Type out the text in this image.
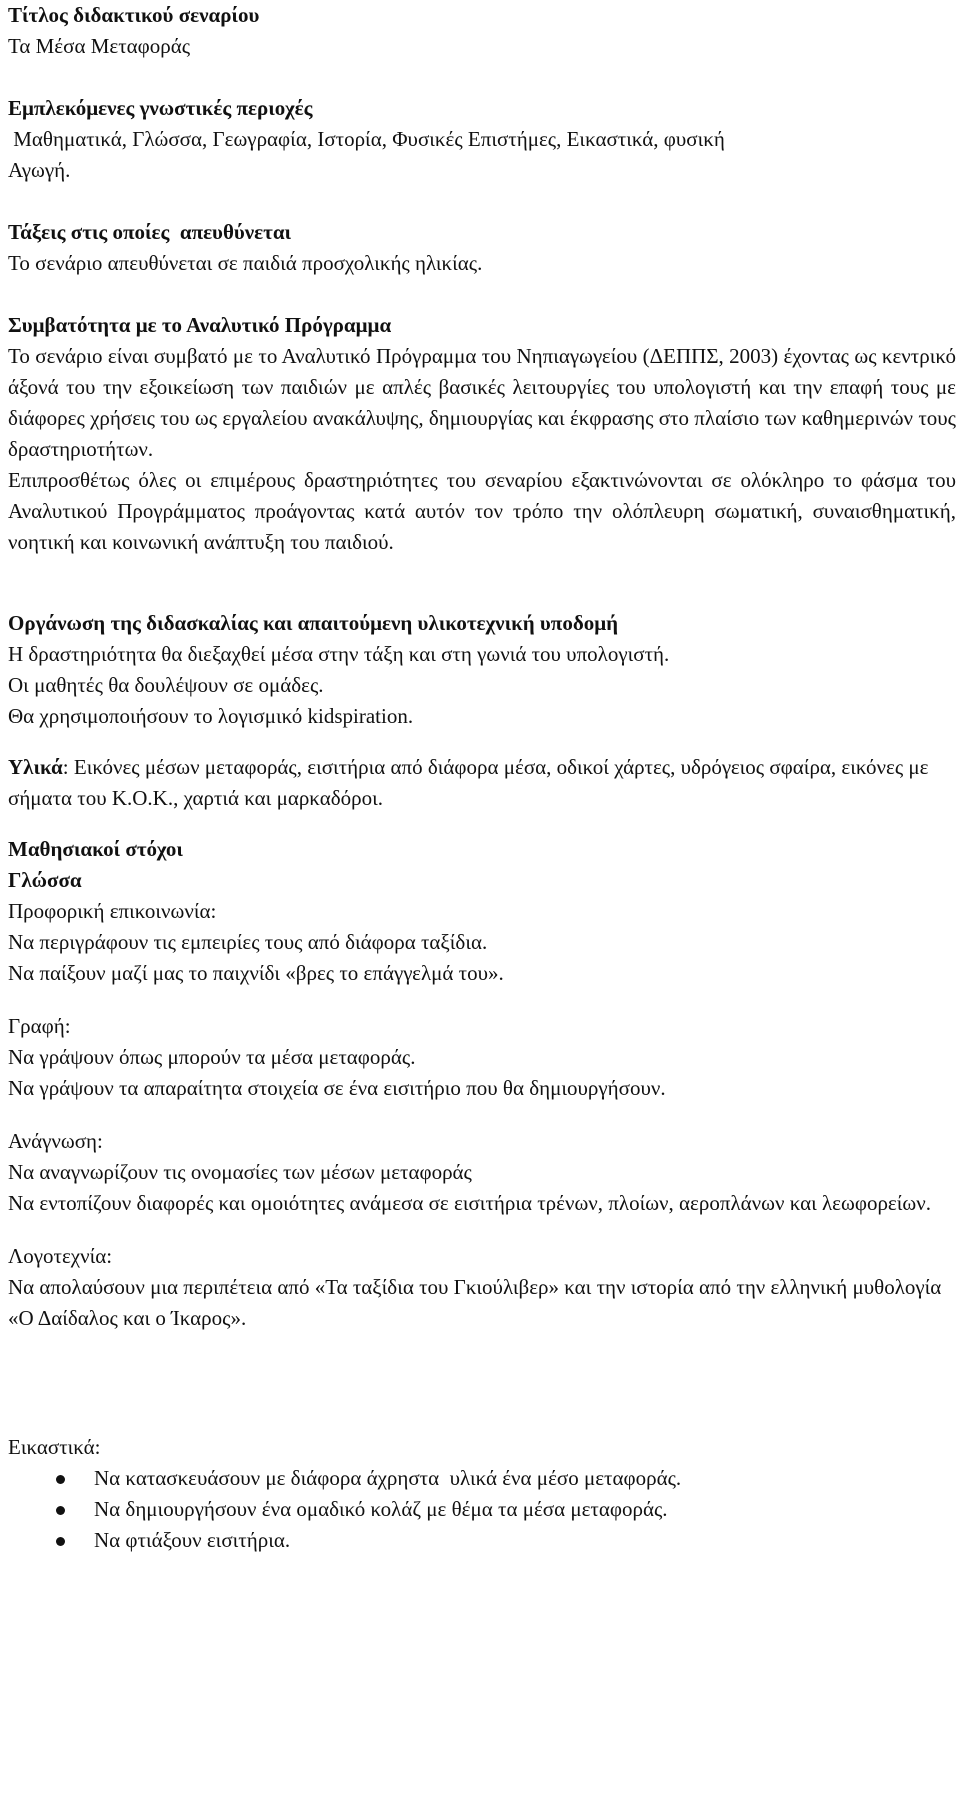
Τίτλος διδακτικού σεναρίου

Τα Μέσα Μεταφοράς

Εμπλεκόμενες γνωστικές περιοχές

Μαθηματικά, Γλώσσα, Γεωγραφία, Ιστορία, Φυσικές Επιστήμες, Εικαστικά, φυσική

Αγωγή.

Τάξεις στις οποίες  απευθύνεται

Το σενάριο απευθύνεται σε παιδιά προσχολικής ηλικίας.

Συμβατότητα με το Αναλυτικό Πρόγραμμα

Το σενάριο είναι συμβατό με το Αναλυτικό Πρόγραμμα του Νηπιαγωγείου (ΔΕΠΠΣ, 2003) έχοντας ως κεντρικό άξονά του την εξοικείωση των παιδιών με απλές βασικές λειτουργίες του υπολογιστή και την επαφή τους με διάφορες χρήσεις του ως εργαλείου ανακάλυψης, δημιουργίας και έκφρασης στο πλαίσιο των καθημερινών τους δραστηριοτήτων.

Επιπροσθέτως όλες οι επιμέρους δραστηριότητες του σεναρίου εξακτινώνονται σε ολόκληρο το φάσμα του Αναλυτικού Προγράμματος προάγοντας κατά αυτόν τον τρόπο την ολόπλευρη σωματική, συναισθηματική, νοητική και κοινωνική ανάπτυξη του παιδιού.

Οργάνωση της διδασκαλίας και απαιτούμενη υλικοτεχνική υποδομή

Η δραστηριότητα θα διεξαχθεί μέσα στην τάξη και στη γωνιά του υπολογιστή.

Οι μαθητές θα δουλέψουν σε ομάδες.

Θα χρησιμοποιήσουν το λογισμικό kidspiration.

Υλικά: Εικόνες μέσων μεταφοράς, εισιτήρια από διάφορα μέσα, οδικοί χάρτες, υδρόγειος σφαίρα, εικόνες με σήματα του Κ.Ο.Κ., χαρτιά και μαρκαδόροι.

Μαθησιακοί στόχοι

Γλώσσα

Προφορική επικοινωνία:

Να περιγράφουν τις εμπειρίες τους από διάφορα ταξίδια.

Να παίξουν μαζί μας το παιχνίδι «βρες το επάγγελμά του».

Γραφή:

Να γράψουν όπως μπορούν τα μέσα μεταφοράς.

Να γράψουν τα απαραίτητα στοιχεία σε ένα εισιτήριο που θα δημιουργήσουν.

Ανάγνωση:

Να αναγνωρίζουν τις ονομασίες των μέσων μεταφοράς

Να εντοπίζουν διαφορές και ομοιότητες ανάμεσα σε εισιτήρια τρένων, πλοίων, αεροπλάνων και λεωφορείων.

Λογοτεχνία:

Να απολαύσουν μια περιπέτεια από «Τα ταξίδια του Γκιούλιβερ» και την ιστορία από την ελληνική μυθολογία «Ο Δαίδαλος και ο Ίκαρος».

Εικαστικά:

Να κατασκευάσουν με διάφορα άχρηστα  υλικά ένα μέσο μεταφοράς.
Να δημιουργήσουν ένα ομαδικό κολάζ με θέμα τα μέσα μεταφοράς.
Να φτιάξουν εισιτήρια.
